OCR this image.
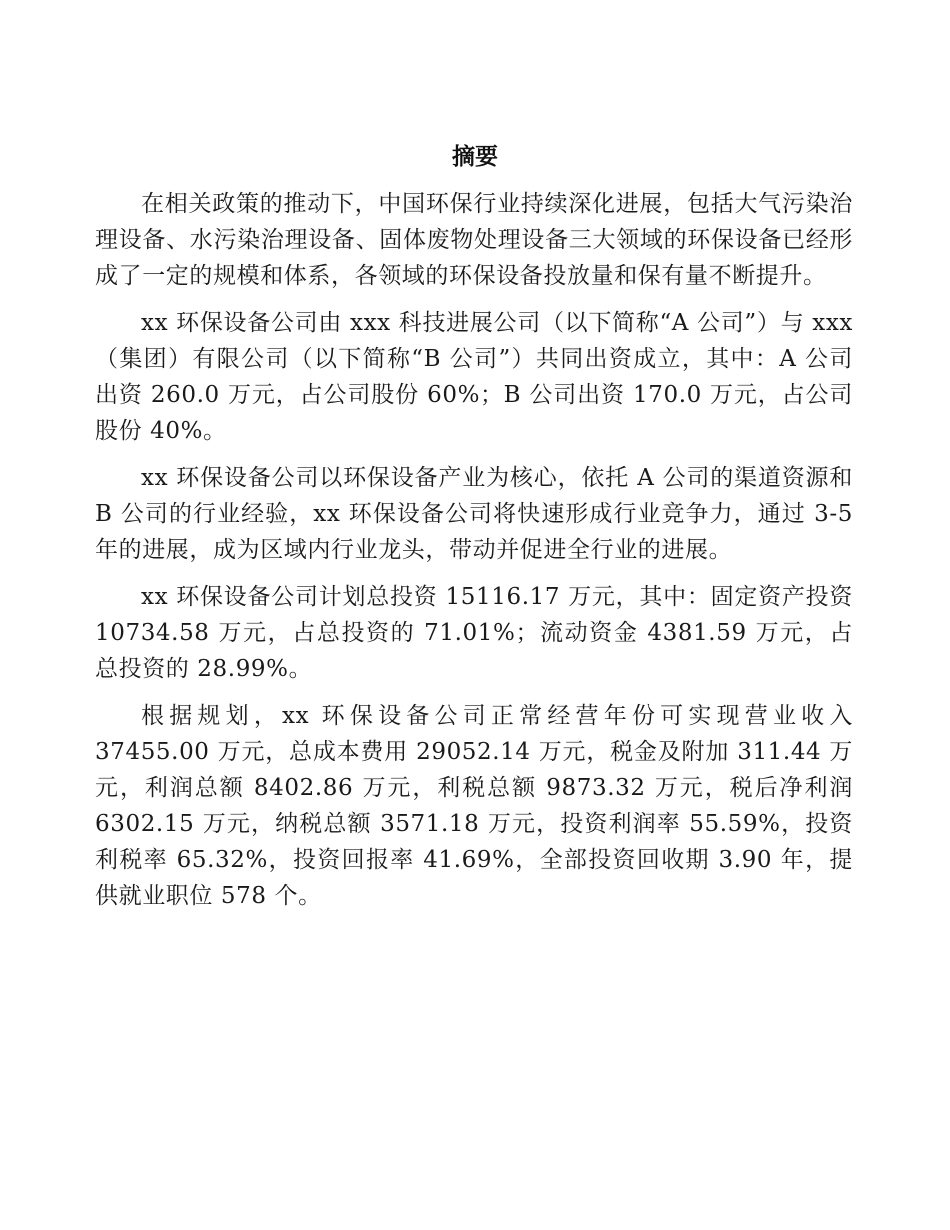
摘要

在相关政策的推动下，中国环保行业持续深化进展，包括大气污染治理设备、水污染治理设备、固体废物处理设备三大领域的环保设备已经形成了一定的规模和体系，各领域的环保设备投放量和保有量不断提升。

xx 环保设备公司由 xxx 科技进展公司（以下简称“A 公司”）与 xxx（集团）有限公司（以下简称“B 公司”）共同出资成立，其中：A 公司出资 260.0 万元，占公司股份 60%；B 公司出资 170.0 万元，占公司股份 40%。

xx 环保设备公司以环保设备产业为核心，依托 A 公司的渠道资源和 B 公司的行业经验，xx 环保设备公司将快速形成行业竞争力，通过 3-5 年的进展，成为区域内行业龙头，带动并促进全行业的进展。

xx 环保设备公司计划总投资 15116.17 万元，其中：固定资产投资 10734.58 万元，占总投资的 71.01%；流动资金 4381.59 万元，占总投资的 28.99%。

根据规划，xx 环保设备公司正常经营年份可实现营业收入 37455.00 万元，总成本费用 29052.14 万元，税金及附加 311.44 万元，利润总额 8402.86 万元，利税总额 9873.32 万元，税后净利润 6302.15 万元，纳税总额 3571.18 万元，投资利润率 55.59%，投资利税率 65.32%，投资回报率 41.69%，全部投资回收期 3.90 年，提供就业职位 578 个。
